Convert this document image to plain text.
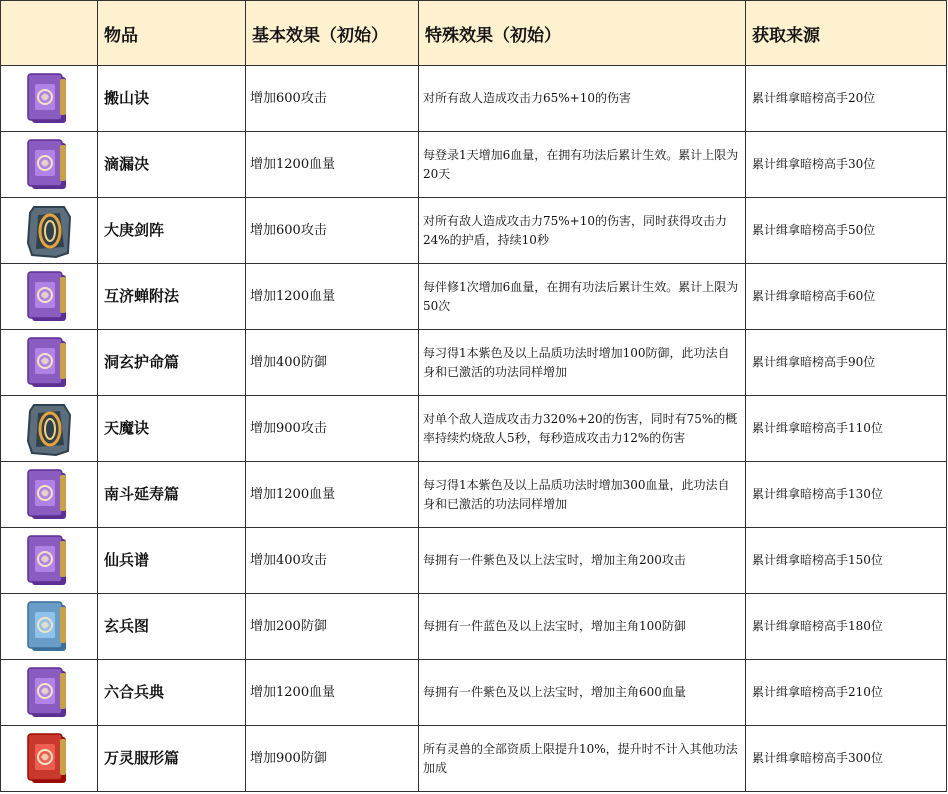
	物品	基本效果（初始）	特殊效果（初始）	获取来源
	搬山诀	增加600攻击	对所有敌人造成攻击力65%+10的伤害	累计缉拿暗榜高手20位
	滴漏决	增加1200血量	每登录1天增加6血量，在拥有功法后累计生效。累计上限为20天	累计缉拿暗榜高手30位
	大庚剑阵	增加600攻击	对所有敌人造成攻击力75%+10的伤害，同时获得攻击力24%的护盾，持续10秒	累计缉拿暗榜高手50位
	互济蝉附法	增加1200血量	每伴修1次增加6血量，在拥有功法后累计生效。累计上限为50次	累计缉拿暗榜高手60位
	洞玄护命篇	增加400防御	每习得1本紫色及以上品质功法时增加100防御，此功法自身和已激活的功法同样增加	累计缉拿暗榜高手90位
	天魔诀	增加900攻击	对单个敌人造成攻击力320%+20的伤害，同时有75%的概率持续灼烧敌人5秒，每秒造成攻击力12%的伤害	累计缉拿暗榜高手110位
	南斗延寿篇	增加1200血量	每习得1本紫色及以上品质功法时增加300血量，此功法自身和已激活的功法同样增加	累计缉拿暗榜高手130位
	仙兵谱	增加400攻击	每拥有一件紫色及以上法宝时，增加主角200攻击	累计缉拿暗榜高手150位
	玄兵图	增加200防御	每拥有一件蓝色及以上法宝时，增加主角100防御	累计缉拿暗榜高手180位
	六合兵典	增加1200血量	每拥有一件紫色及以上法宝时，增加主角600血量	累计缉拿暗榜高手210位
	万灵服形篇	增加900防御	所有灵兽的全部资质上限提升10%，提升时不计入其他功法加成	累计缉拿暗榜高手300位
